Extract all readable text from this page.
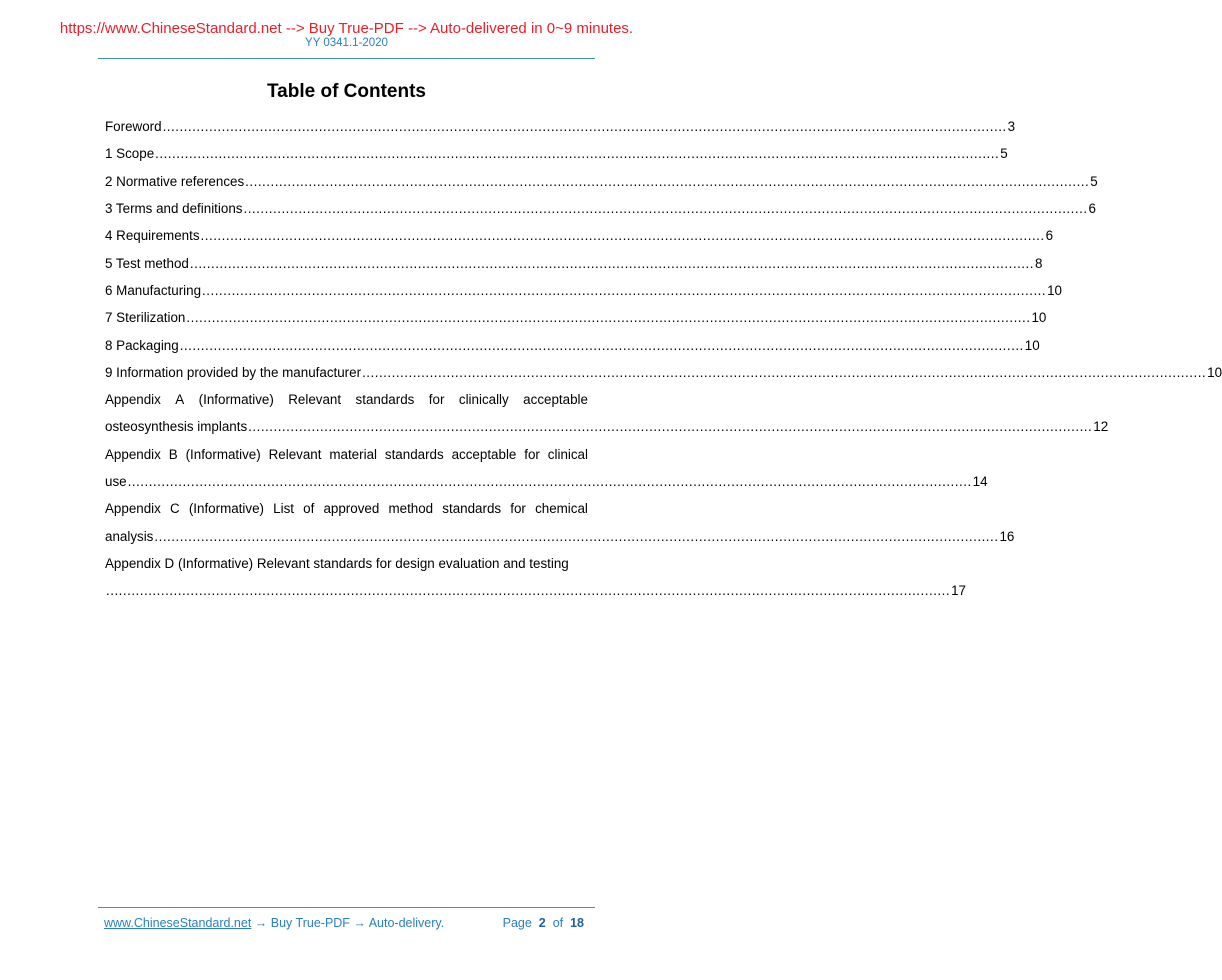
https://www.ChineseStandard.net --> Buy True-PDF --> Auto-delivered in 0~9 minutes.
YY 0341.1-2020
Table of Contents
Foreword ........................................................................................................................................................................................................ 3
1 Scope ........................................................................................................................................................................................................ 5
2 Normative references ........................................................................................................................................................................................................ 5
3 Terms and definitions ........................................................................................................................................................................................................ 6
4 Requirements ........................................................................................................................................................................................................ 6
5 Test method ........................................................................................................................................................................................................ 8
6 Manufacturing ........................................................................................................................................................................................................ 10
7 Sterilization ........................................................................................................................................................................................................ 10
8 Packaging ........................................................................................................................................................................................................ 10
9 Information provided by the manufacturer ........................................................................................................................................................................................................ 10
Appendix A (Informative) Relevant standards for clinically acceptable
osteosynthesis implants ........................................................................................................................................................................................................ 12
Appendix B (Informative) Relevant material standards acceptable for clinical
use ........................................................................................................................................................................................................ 14
Appendix C (Informative) List of approved method standards for chemical
analysis ........................................................................................................................................................................................................ 16
Appendix D (Informative) Relevant standards for design evaluation and testing
........................................................................................................................................................................................................ 17
www.ChineseStandard.net → Buy True-PDF → Auto-delivery.	Page 2 of 18
